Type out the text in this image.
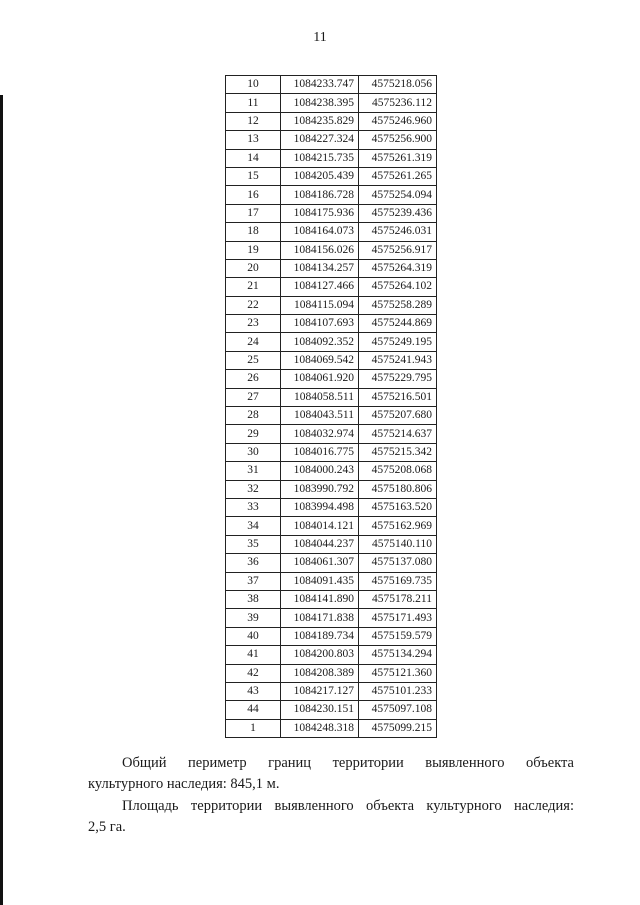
11
10	1084233.747	4575218.056
11	1084238.395	4575236.112
12	1084235.829	4575246.960
13	1084227.324	4575256.900
14	1084215.735	4575261.319
15	1084205.439	4575261.265
16	1084186.728	4575254.094
17	1084175.936	4575239.436
18	1084164.073	4575246.031
19	1084156.026	4575256.917
20	1084134.257	4575264.319
21	1084127.466	4575264.102
22	1084115.094	4575258.289
23	1084107.693	4575244.869
24	1084092.352	4575249.195
25	1084069.542	4575241.943
26	1084061.920	4575229.795
27	1084058.511	4575216.501
28	1084043.511	4575207.680
29	1084032.974	4575214.637
30	1084016.775	4575215.342
31	1084000.243	4575208.068
32	1083990.792	4575180.806
33	1083994.498	4575163.520
34	1084014.121	4575162.969
35	1084044.237	4575140.110
36	1084061.307	4575137.080
37	1084091.435	4575169.735
38	1084141.890	4575178.211
39	1084171.838	4575171.493
40	1084189.734	4575159.579
41	1084200.803	4575134.294
42	1084208.389	4575121.360
43	1084217.127	4575101.233
44	1084230.151	4575097.108
1	1084248.318	4575099.215
Общий периметр границ территории выявленного объекта
культурного наследия: 845,1 м.
Площадь территории выявленного объекта культурного наследия:
2,5 га.
